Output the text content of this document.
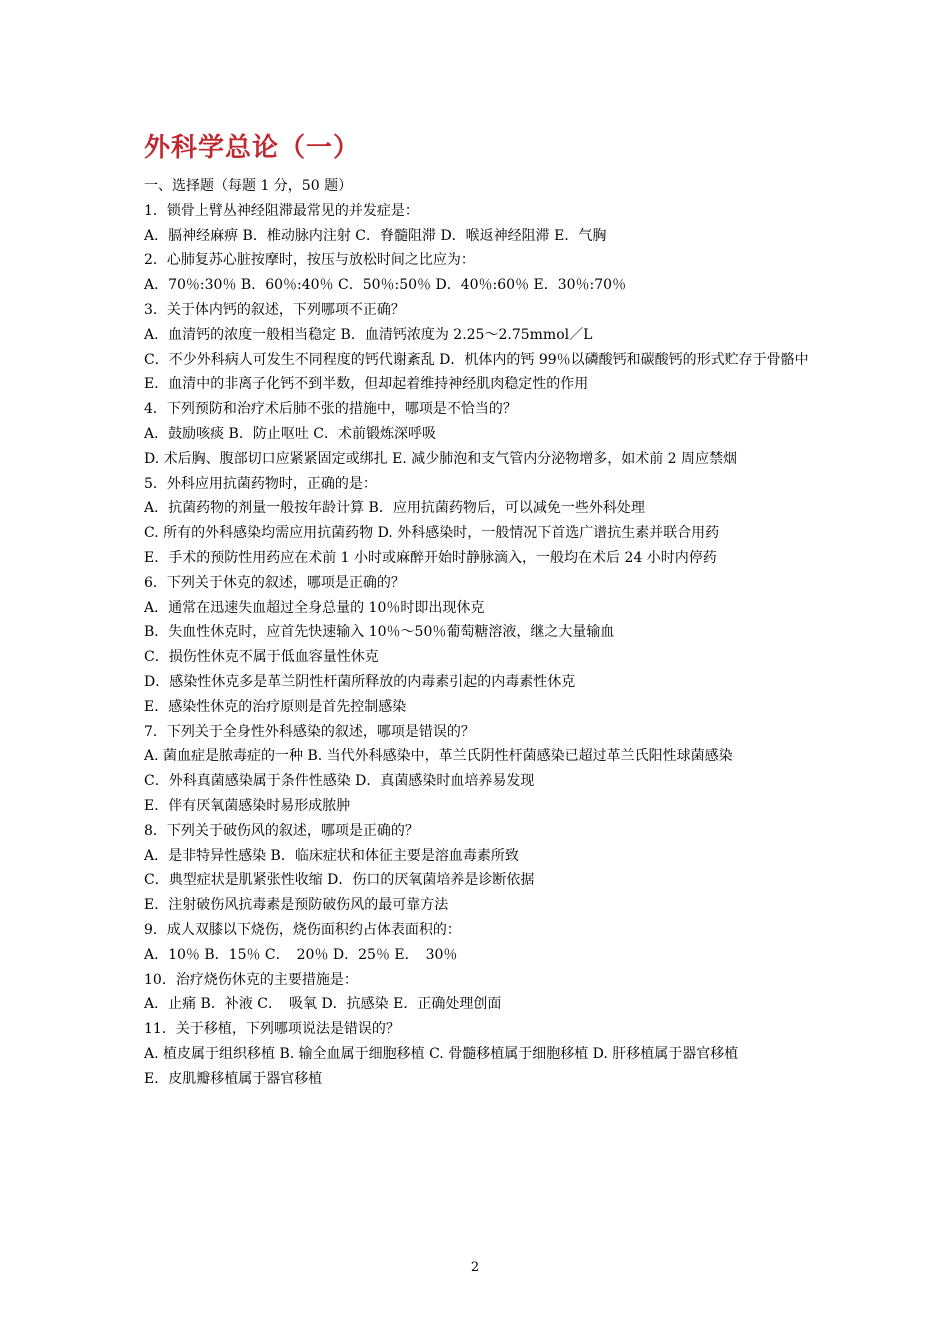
外科学总论（一）
一、选择题（每题 1 分，50 题）
1．锁骨上臂丛神经阻滞最常见的并发症是：
A．膈神经麻痹 B．椎动脉内注射 C．脊髓阻滞 D．喉返神经阻滞 E．气胸
2．心肺复苏心脏按摩时，按压与放松时间之比应为：
A．70％:30％ B．60％:40％ C．50％:50％ D．40％:60％ E．30％:70％
3．关于体内钙的叙述，下列哪项不正确？
A．血清钙的浓度一般相当稳定 B．血清钙浓度为 2.25～2.75mmol／L
C．不少外科病人可发生不同程度的钙代谢紊乱 D．机体内的钙 99％以磷酸钙和碳酸钙的形式贮存于骨骼中
E．血清中的非离子化钙不到半数，但却起着维持神经肌肉稳定性的作用
4．下列预防和治疗术后肺不张的措施中，哪项是不恰当的？
A．鼓励咳痰 B．防止呕吐 C．术前锻炼深呼吸
D. 术后胸、腹部切口应紧紧固定或绑扎 E. 减少肺泡和支气管内分泌物增多，如术前 2 周应禁烟
5．外科应用抗菌药物时，正确的是：
A．抗菌药物的剂量一般按年龄计算 B．应用抗菌药物后，可以减免一些外科处理
C. 所有的外科感染均需应用抗菌药物 D. 外科感染时，一般情况下首选广谱抗生素并联合用药
E．手术的预防性用药应在术前 1 小时或麻醉开始时静脉滴入，一般均在术后 24 小时内停药
6．下列关于休克的叙述，哪项是正确的？
A．通常在迅速失血超过全身总量的 10％时即出现休克
B．失血性休克时，应首先快速输入 10％～50％葡萄糖溶液，继之大量输血
C．损伤性休克不属于低血容量性休克
D．感染性休克多是革兰阴性杆菌所释放的内毒素引起的内毒素性休克
E．感染性休克的治疗原则是首先控制感染
7．下列关于全身性外科感染的叙述，哪项是错误的？
A. 菌血症是脓毒症的一种 B. 当代外科感染中，革兰氏阴性杆菌感染已超过革兰氏阳性球菌感染
C．外科真菌感染属于条件性感染 D．真菌感染时血培养易发现
E．伴有厌氧菌感染时易形成脓肿
8．下列关于破伤风的叙述，哪项是正确的？
A．是非特异性感染 B．临床症状和体征主要是溶血毒素所致
C．典型症状是肌紧张性收缩 D．伤口的厌氧菌培养是诊断依据
E．注射破伤风抗毒素是预防破伤风的最可靠方法
9．成人双膝以下烧伤，烧伤面积约占体表面积的：
A．10％ B．15％ C．　20％ D．25％ E．　30％
10．治疗烧伤休克的主要措施是：
A．止痛 B．补液 C．　吸氧 D．抗感染 E．正确处理创面
11．关于移植，下列哪项说法是错误的？
A. 植皮属于组织移植 B. 输全血属于细胞移植 C. 骨髓移植属于细胞移植 D. 肝移植属于器官移植
E．皮肌瓣移植属于器官移植
2
